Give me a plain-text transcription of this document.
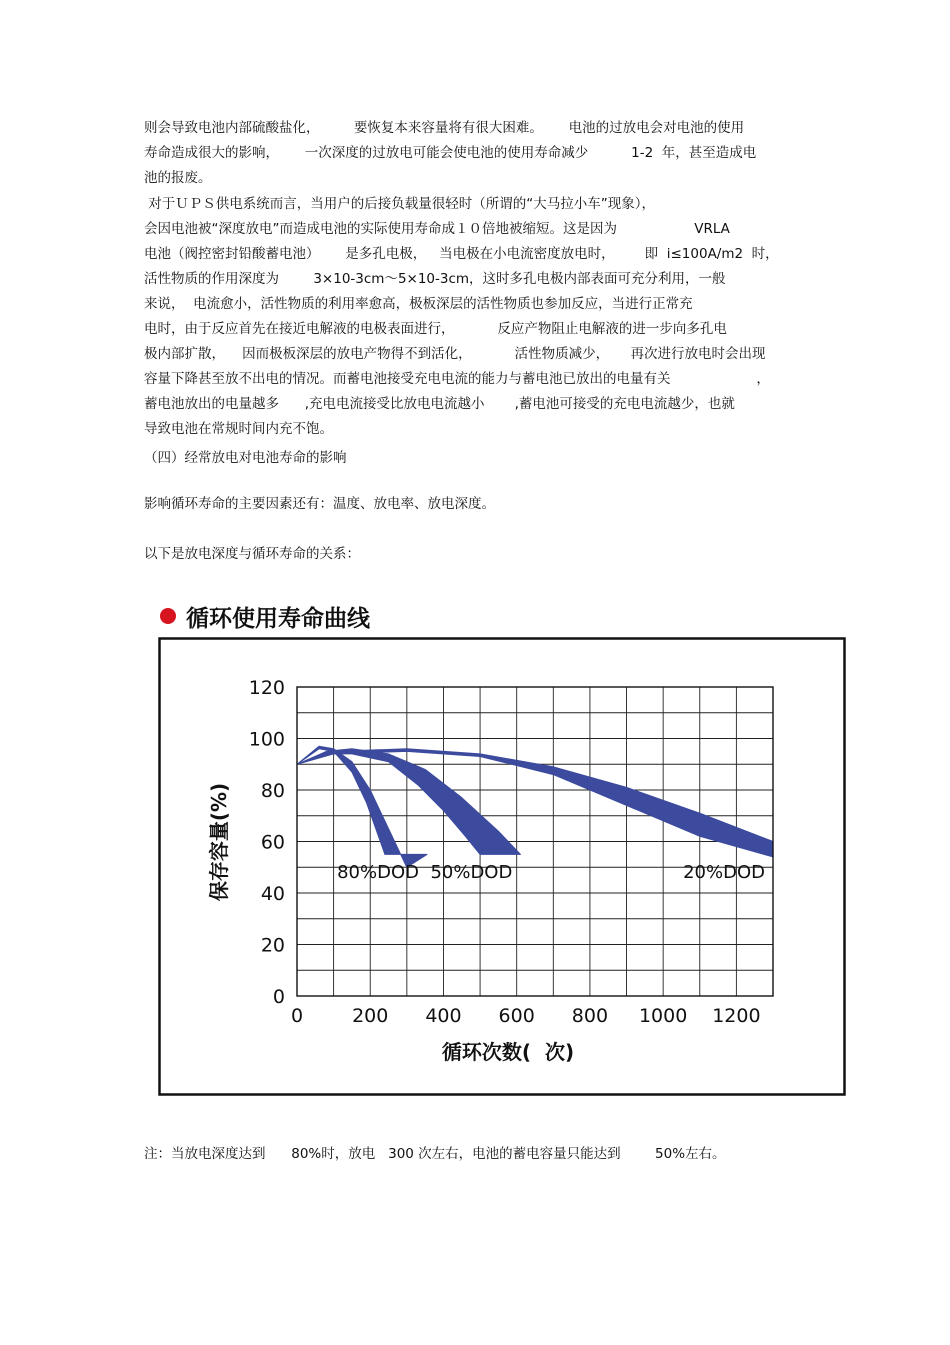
则会导致电池内部硫酸盐化，        要恢复本来容量将有很大困难。      电池的过放电会对电池的使用
寿命造成很大的影响，      一次深度的过放电可能会使电池的使用寿命减少          1-2  年，甚至造成电
池的报废。
对于ＵＰＳ供电系统而言，当用户的后接负载量很轻时（所谓的“大马拉小车”现象），
会因电池被“深度放电”而造成电池的实际使用寿命成１０倍地被缩短。这是因为                  VRLA
电池（阀控密封铅酸蓄电池）      是多孔电极，   当电极在小电流密度放电时，       即  i≤100A/m2  时，
活性物质的作用深度为        3×10-3cm～5×10-3cm，这时多孔电极内部表面可充分利用，一般
来说，  电流愈小，活性物质的利用率愈高，极板深层的活性物质也参加反应，当进行正常充
电时，由于反应首先在接近电解液的电极表面进行，          反应产物阻止电解液的进一步向多孔电
极内部扩散，    因而极板深层的放电产物得不到活化，          活性物质减少，     再次进行放电时会出现
容量下降甚至放不出电的情况。而蓄电池接受充电电流的能力与蓄电池已放出的电量有关                    ，
蓄电池放出的电量越多      ,充电电流接受比放电电流越小       ,蓄电池可接受的充电电流越少，也就
导致电池在常规时间内充不饱。
（四）经常放电对电池寿命的影响
影响循环寿命的主要因素还有：温度、放电率、放电深度。
以下是放电深度与循环寿命的关系：
循环使用寿命曲线
0	200 400 600 800 1000 1200
0
20
40
60
80
100
120
80%DOD 50%DOD	20%DOD
保存容量(%)
循环次数(  次)
注：当放电深度达到      80%时，放电   300 次左右，电池的蓄电容量只能达到        50%左右。
